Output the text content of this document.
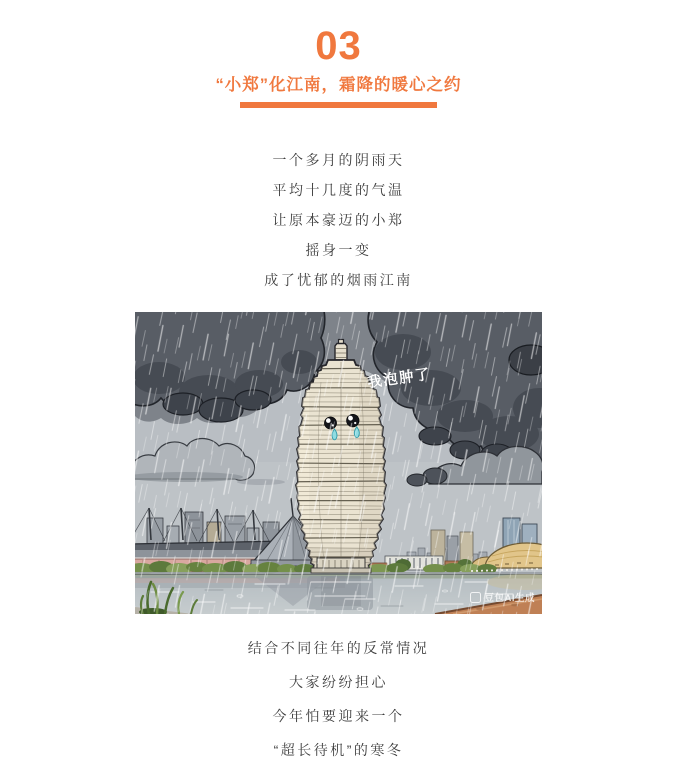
03
“小郑”化江南，霜降的暖心之约

一个多月的阴雨天

平均十几度的气温

让原本豪迈的小郑

摇身一变

成了忧郁的烟雨江南

我泡肿了
豆包AI生成

结合不同往年的反常情况

大家纷纷担心

今年怕要迎来一个

“超长待机”的寒冬
